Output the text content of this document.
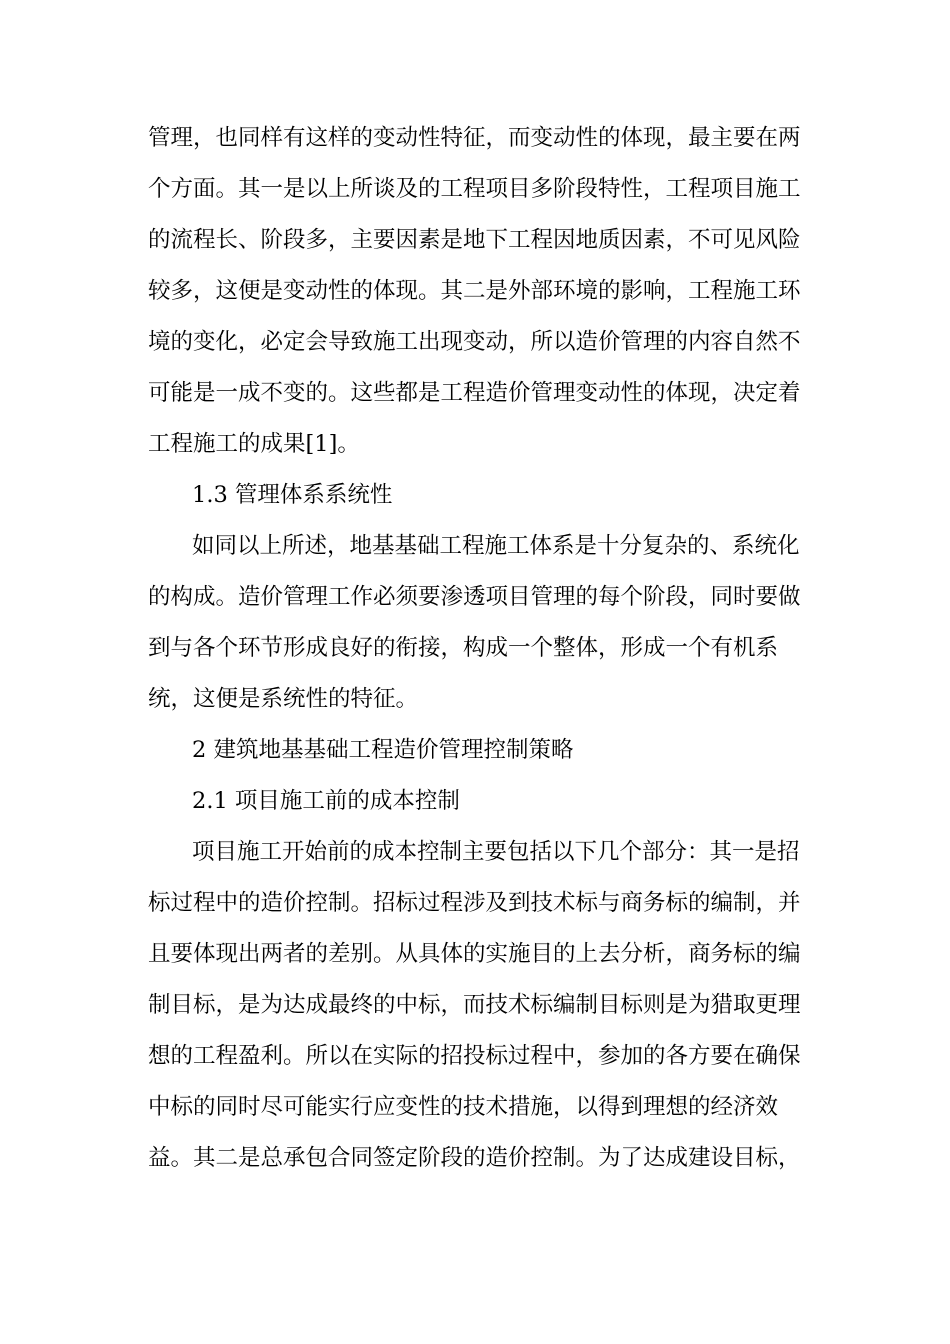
管理，也同样有这样的变动性特征，而变动性的体现，最主要在两
个方面。其一是以上所谈及的工程项目多阶段特性，工程项目施工
的流程长、阶段多，主要因素是地下工程因地质因素，不可见风险
较多，这便是变动性的体现。其二是外部环境的影响，工程施工环
境的变化，必定会导致施工出现变动，所以造价管理的内容自然不
可能是一成不变的。这些都是工程造价管理变动性的体现，决定着
工程施工的成果[1]。
1.3 管理体系系统性
如同以上所述，地基基础工程施工体系是十分复杂的、系统化
的构成。造价管理工作必须要渗透项目管理的每个阶段，同时要做
到与各个环节形成良好的衔接，构成一个整体，形成一个有机系
统，这便是系统性的特征。
2 建筑地基基础工程造价管理控制策略
2.1 项目施工前的成本控制
项目施工开始前的成本控制主要包括以下几个部分：其一是招
标过程中的造价控制。招标过程涉及到技术标与商务标的编制，并
且要体现出两者的差别。从具体的实施目的上去分析，商务标的编
制目标，是为达成最终的中标，而技术标编制目标则是为猎取更理
想的工程盈利。所以在实际的招投标过程中，参加的各方要在确保
中标的同时尽可能实行应变性的技术措施，以得到理想的经济效
益。其二是总承包合同签定阶段的造价控制。为了达成建设目标，
